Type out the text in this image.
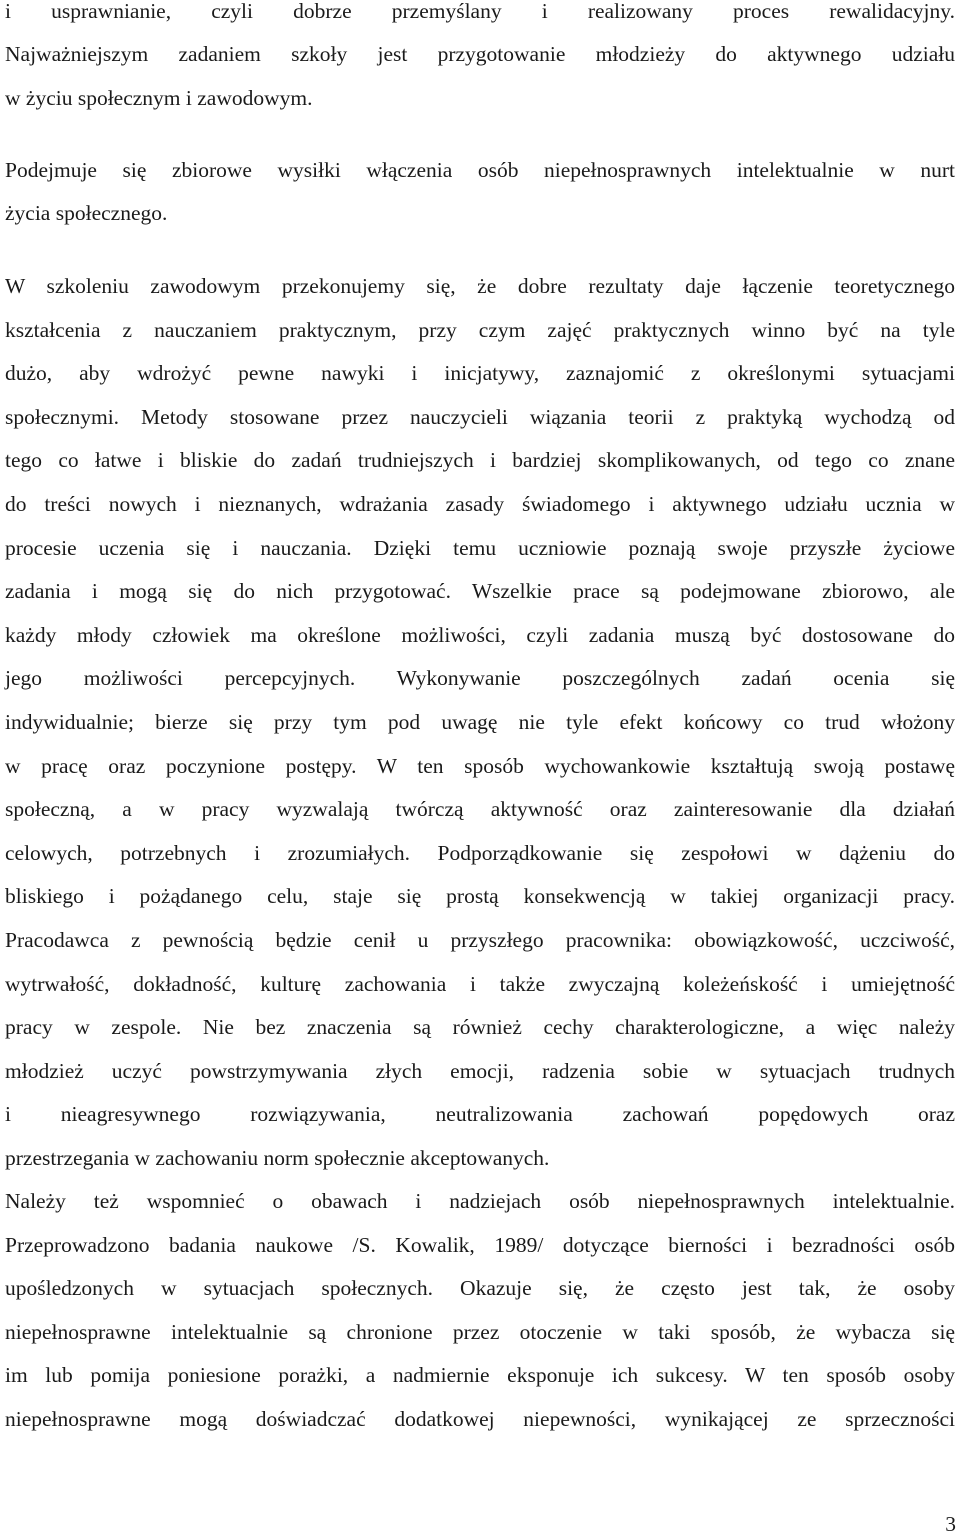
i usprawnianie, czyli dobrze przemyślany i realizowany proces rewalidacyjny.
Najważniejszym zadaniem szkoły jest przygotowanie młodzieży do aktywnego udziału
w życiu społecznym i zawodowym.
Podejmuje się zbiorowe wysiłki włączenia osób niepełnosprawnych intelektualnie w nurt
życia społecznego.
W szkoleniu zawodowym przekonujemy się, że dobre rezultaty daje łączenie teoretycznego
kształcenia z nauczaniem praktycznym, przy czym zajęć praktycznych winno być na tyle
dużo, aby wdrożyć pewne nawyki i inicjatywy, zaznajomić z określonymi sytuacjami
społecznymi. Metody stosowane przez nauczycieli wiązania teorii z praktyką wychodzą od
tego co łatwe i bliskie do zadań trudniejszych i bardziej skomplikowanych, od tego co znane
do treści nowych i nieznanych, wdrażania zasady świadomego i aktywnego udziału ucznia w
procesie uczenia się i nauczania. Dzięki temu uczniowie poznają swoje przyszłe życiowe
zadania i mogą się do nich przygotować. Wszelkie prace są podejmowane zbiorowo, ale
każdy młody człowiek ma określone możliwości, czyli zadania muszą być dostosowane do
jego możliwości percepcyjnych. Wykonywanie poszczególnych zadań ocenia się
indywidualnie; bierze się przy tym pod uwagę nie tyle efekt końcowy co trud włożony
w pracę oraz poczynione postępy. W ten sposób wychowankowie kształtują swoją postawę
społeczną, a w pracy wyzwalają twórczą aktywność oraz zainteresowanie dla działań
celowych, potrzebnych i zrozumiałych. Podporządkowanie się zespołowi w dążeniu do
bliskiego i pożądanego celu, staje się prostą konsekwencją w takiej organizacji pracy.
Pracodawca z pewnością będzie cenił u przyszłego pracownika: obowiązkowość, uczciwość,
wytrwałość, dokładność, kulturę zachowania i także zwyczajną koleżeńskość i umiejętność
pracy w zespole. Nie bez znaczenia są również cechy charakterologiczne, a więc należy
młodzież uczyć powstrzymywania złych emocji, radzenia sobie w sytuacjach trudnych
i nieagresywnego rozwiązywania, neutralizowania zachowań popędowych oraz
przestrzegania w zachowaniu norm społecznie akceptowanych.
Należy też wspomnieć o obawach i nadziejach osób niepełnosprawnych intelektualnie.
Przeprowadzono badania naukowe /S. Kowalik, 1989/ dotyczące bierności i bezradności osób
upośledzonych w sytuacjach społecznych. Okazuje się, że często jest tak, że osoby
niepełnosprawne intelektualnie są chronione przez otoczenie w taki sposób, że wybacza się
im lub pomija poniesione porażki, a nadmiernie eksponuje ich sukcesy. W ten sposób osoby
niepełnosprawne mogą doświadczać dodatkowej niepewności, wynikającej ze sprzeczności
3
